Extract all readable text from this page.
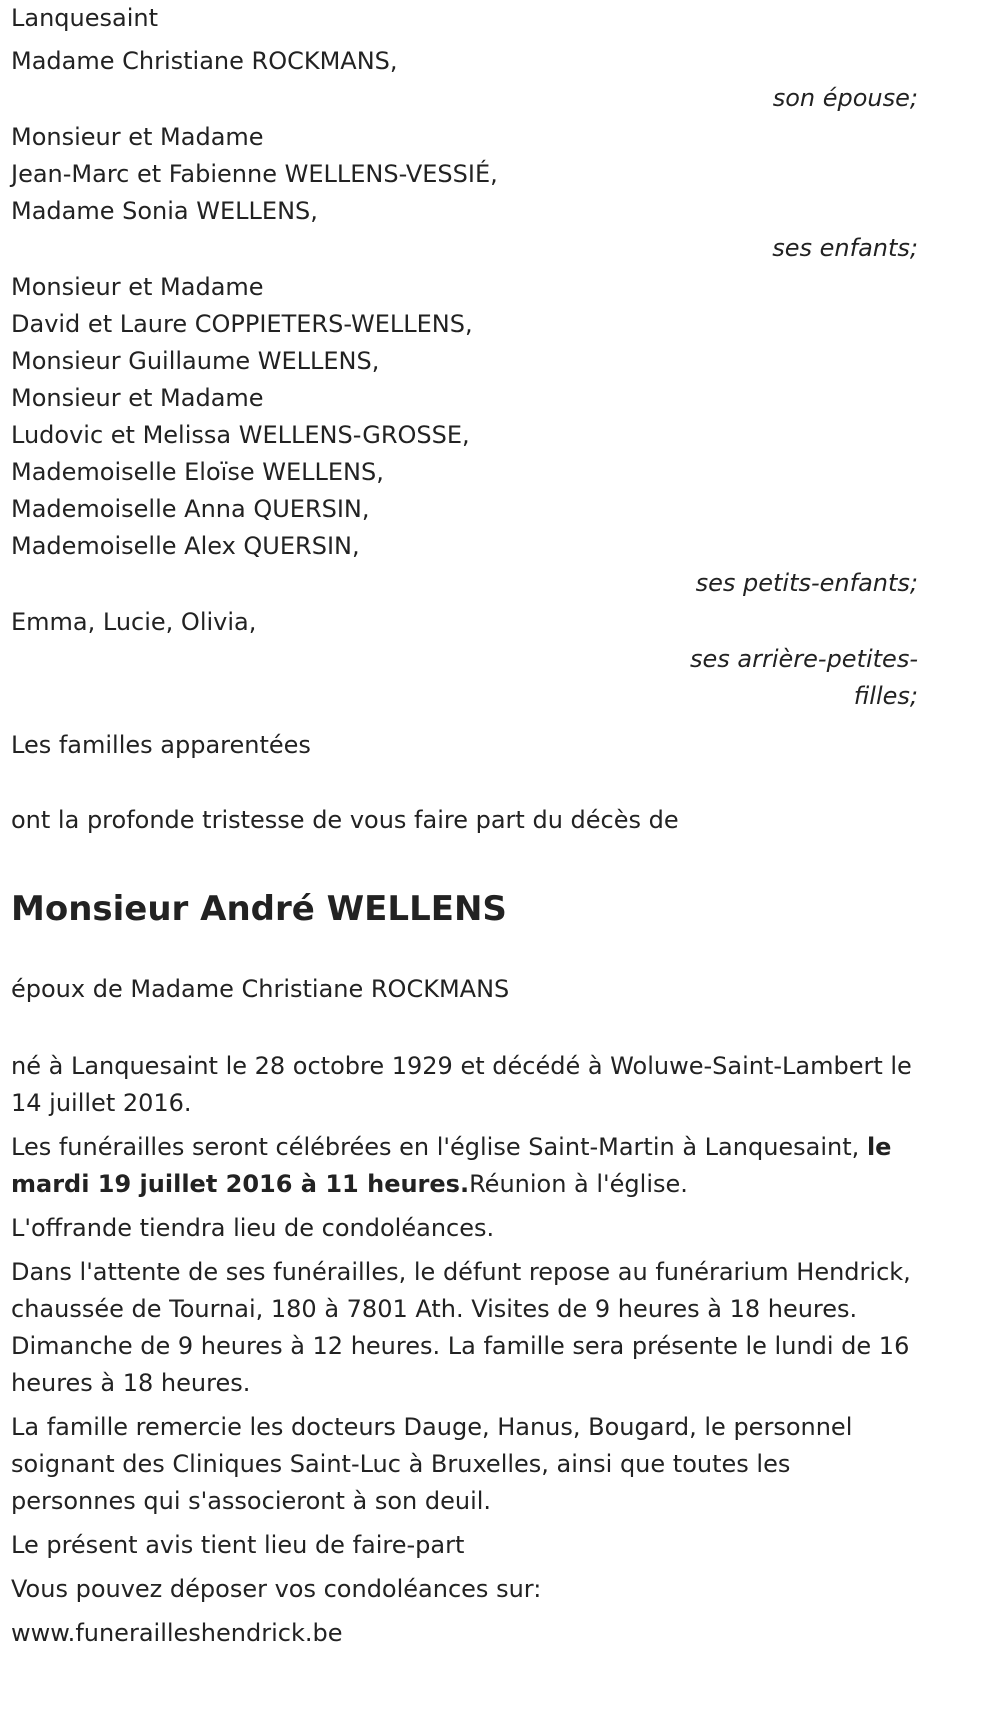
Lanquesaint

Madame Christiane ROCKMANS,

son épouse;

Monsieur et Madame

Jean-Marc et Fabienne WELLENS-VESSIÉ,

Madame Sonia WELLENS,

ses enfants;

Monsieur et Madame

David et Laure COPPIETERS-WELLENS,

Monsieur Guillaume WELLENS,

Monsieur et Madame

Ludovic et Melissa WELLENS-GROSSE,

Mademoiselle Eloïse WELLENS,

Mademoiselle Anna QUERSIN,

Mademoiselle Alex QUERSIN,

ses petits-enfants;

Emma, Lucie, Olivia,

ses arrière-petites-

filles;

Les familles apparentées

ont la profonde tristesse de vous faire part du décès de

Monsieur André WELLENS

époux de Madame Christiane ROCKMANS

né à Lanquesaint le 28 octobre 1929 et décédé à Woluwe-Saint-Lambert le 14 juillet 2016.

Les funérailles seront célébrées en l'église Saint-Martin à Lanquesaint, le mardi 19 juillet 2016 à 11 heures.Réunion à l'église.

L'offrande tiendra lieu de condoléances.

Dans l'attente de ses funérailles, le défunt repose au funérarium Hendrick, chaussée de Tournai, 180 à 7801 Ath. Visites de 9 heures à 18 heures. Dimanche de 9 heures à 12 heures. La famille sera présente le lundi de 16 heures à 18 heures.

La famille remercie les docteurs Dauge, Hanus, Bougard, le personnel soignant des Cliniques Saint-Luc à Bruxelles, ainsi que toutes les personnes qui s'associeront à son deuil.

Le présent avis tient lieu de faire-part

Vous pouvez déposer vos condoléances sur:

www.funerailleshendrick.be
